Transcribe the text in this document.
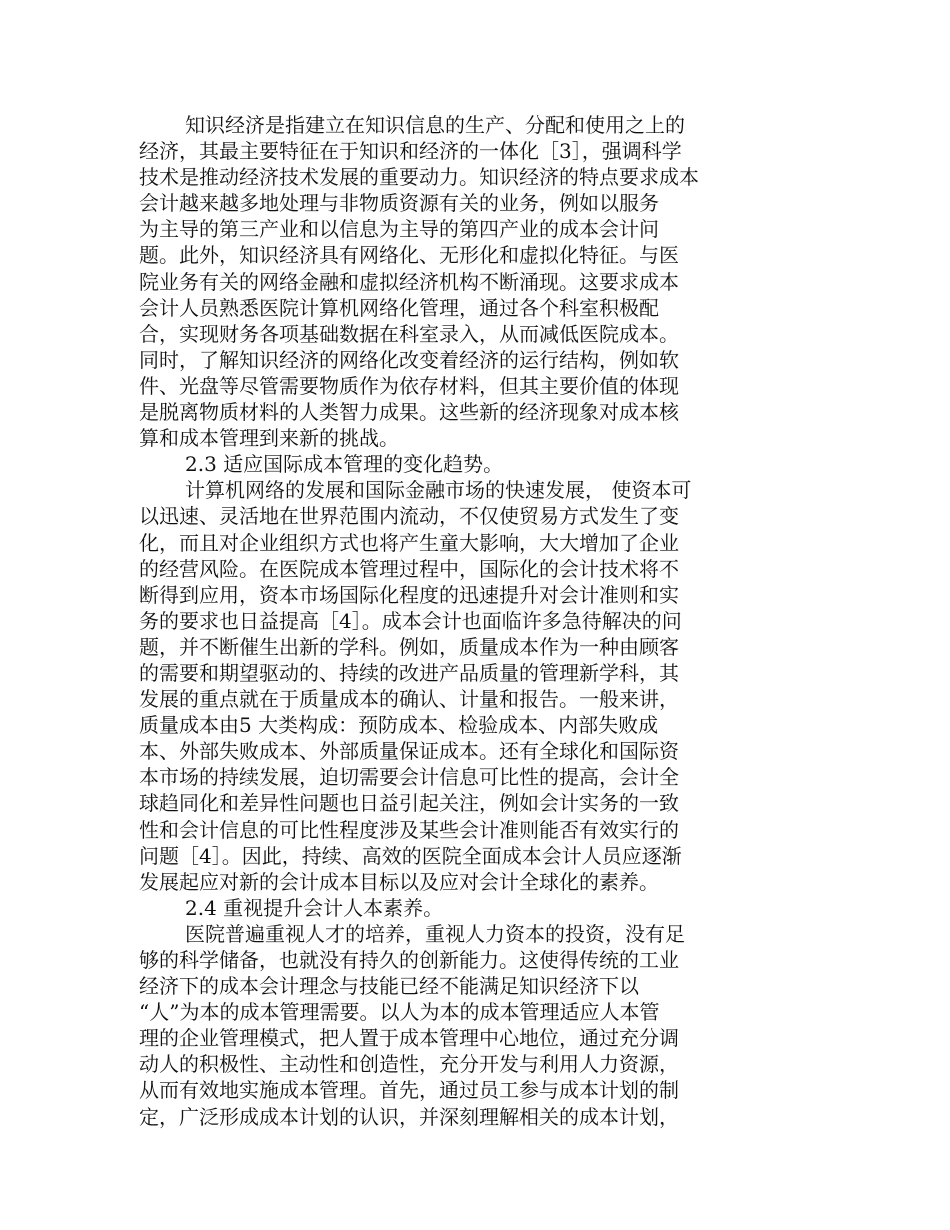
知识经济是指建立在知识信息的生产、分配和使用之上的
经济，其最主要特征在于知识和经济的一体化［3］，强调科学
技术是推动经济技术发展的重要动力。知识经济的特点要求成本
会计越来越多地处理与非物质资源有关的业务，例如以服务
为主导的第三产业和以信息为主导的第四产业的成本会计问
题。此外，知识经济具有网络化、无形化和虚拟化特征。与医
院业务有关的网络金融和虚拟经济机构不断涌现。这要求成本
会计人员熟悉医院计算机网络化管理，通过各个科室积极配
合，实现财务各项基础数据在科室录入，从而减低医院成本。
同时，了解知识经济的网络化改变着经济的运行结构，例如软
件、光盘等尽管需要物质作为依存材料，但其主要价值的体现
是脱离物质材料的人类智力成果。这些新的经济现象对成本核
算和成本管理到来新的挑战。
2.3 适应国际成本管理的变化趋势。
计算机网络的发展和国际金融市场的快速发展， 使资本可
以迅速、灵活地在世界范围内流动，不仅使贸易方式发生了变
化，而且对企业组织方式也将产生童大影响，大大增加了企业
的经营风险。在医院成本管理过程中，国际化的会计技术将不
断得到应用，资本市场国际化程度的迅速提升对会计准则和实
务的要求也日益提高［4］。成本会计也面临许多急待解决的问
题，并不断催生出新的学科。例如，质量成本作为一种由顾客
的需要和期望驱动的、持续的改进产品质量的管理新学科，其
发展的重点就在于质量成本的确认、计量和报告。一般来讲，
质量成本由5 大类构成：预防成本、检验成本、内部失败成
本、外部失败成本、外部质量保证成本。还有全球化和国际资
本市场的持续发展，迫切需要会计信息可比性的提高，会计全
球趋同化和差异性问题也日益引起关注，例如会计实务的一致
性和会计信息的可比性程度涉及某些会计准则能否有效实行的
问题［4］。因此，持续、高效的医院全面成本会计人员应逐渐
发展起应对新的会计成本目标以及应对会计全球化的素养。
2.4 重视提升会计人本素养。
医院普遍重视人才的培养，重视人力资本的投资，没有足
够的科学储备，也就没有持久的创新能力。这使得传统的工业
经济下的成本会计理念与技能已经不能满足知识经济下以
“人”为本的成本管理需要。以人为本的成本管理适应人本管
理的企业管理模式，把人置于成本管理中心地位，通过充分调
动人的积极性、主动性和创造性，充分开发与利用人力资源，
从而有效地实施成本管理。首先，通过员工参与成本计划的制
定，广泛形成成本计划的认识，并深刻理解相关的成本计划，
